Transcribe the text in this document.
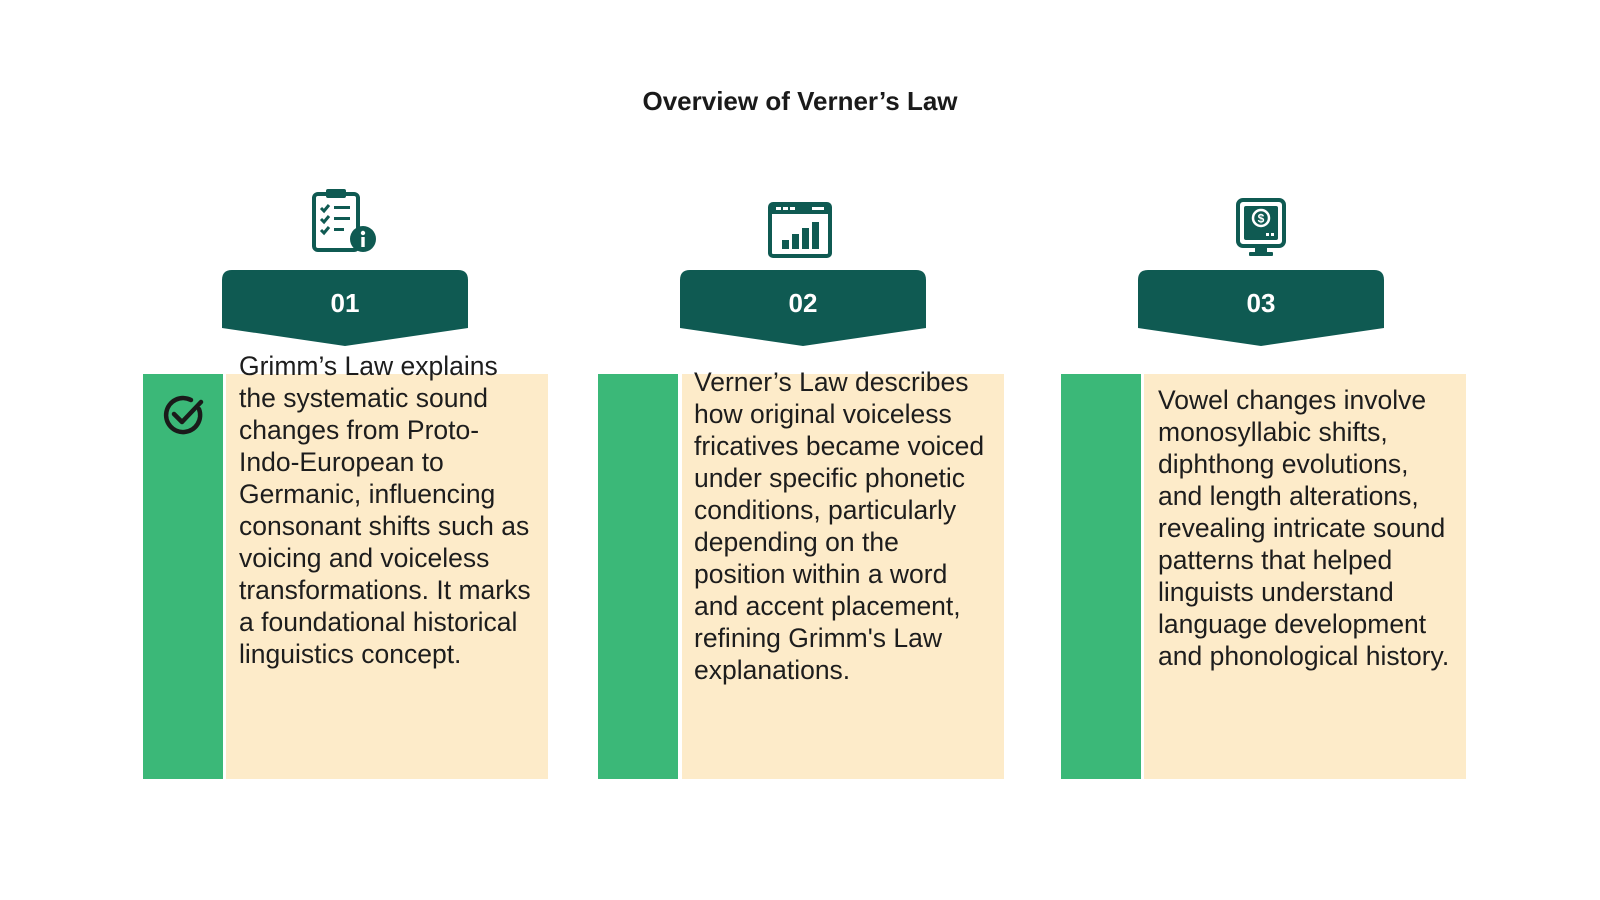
Overview of Verner’s Law
$
01	02	03
Grimm’s Law explains the systematic sound changes from Proto-Indo-European to Germanic, influencing consonant shifts such as voicing and voiceless transformations. It marks a foundational historical linguistics concept.
Verner’s Law describes how original voiceless fricatives became voiced under specific phonetic conditions, particularly depending on the position within a word and accent placement, refining Grimm's Law explanations.
Vowel changes involve monosyllabic shifts, diphthong evolutions, and length alterations, revealing intricate sound patterns that helped linguists understand language development and phonological history.
